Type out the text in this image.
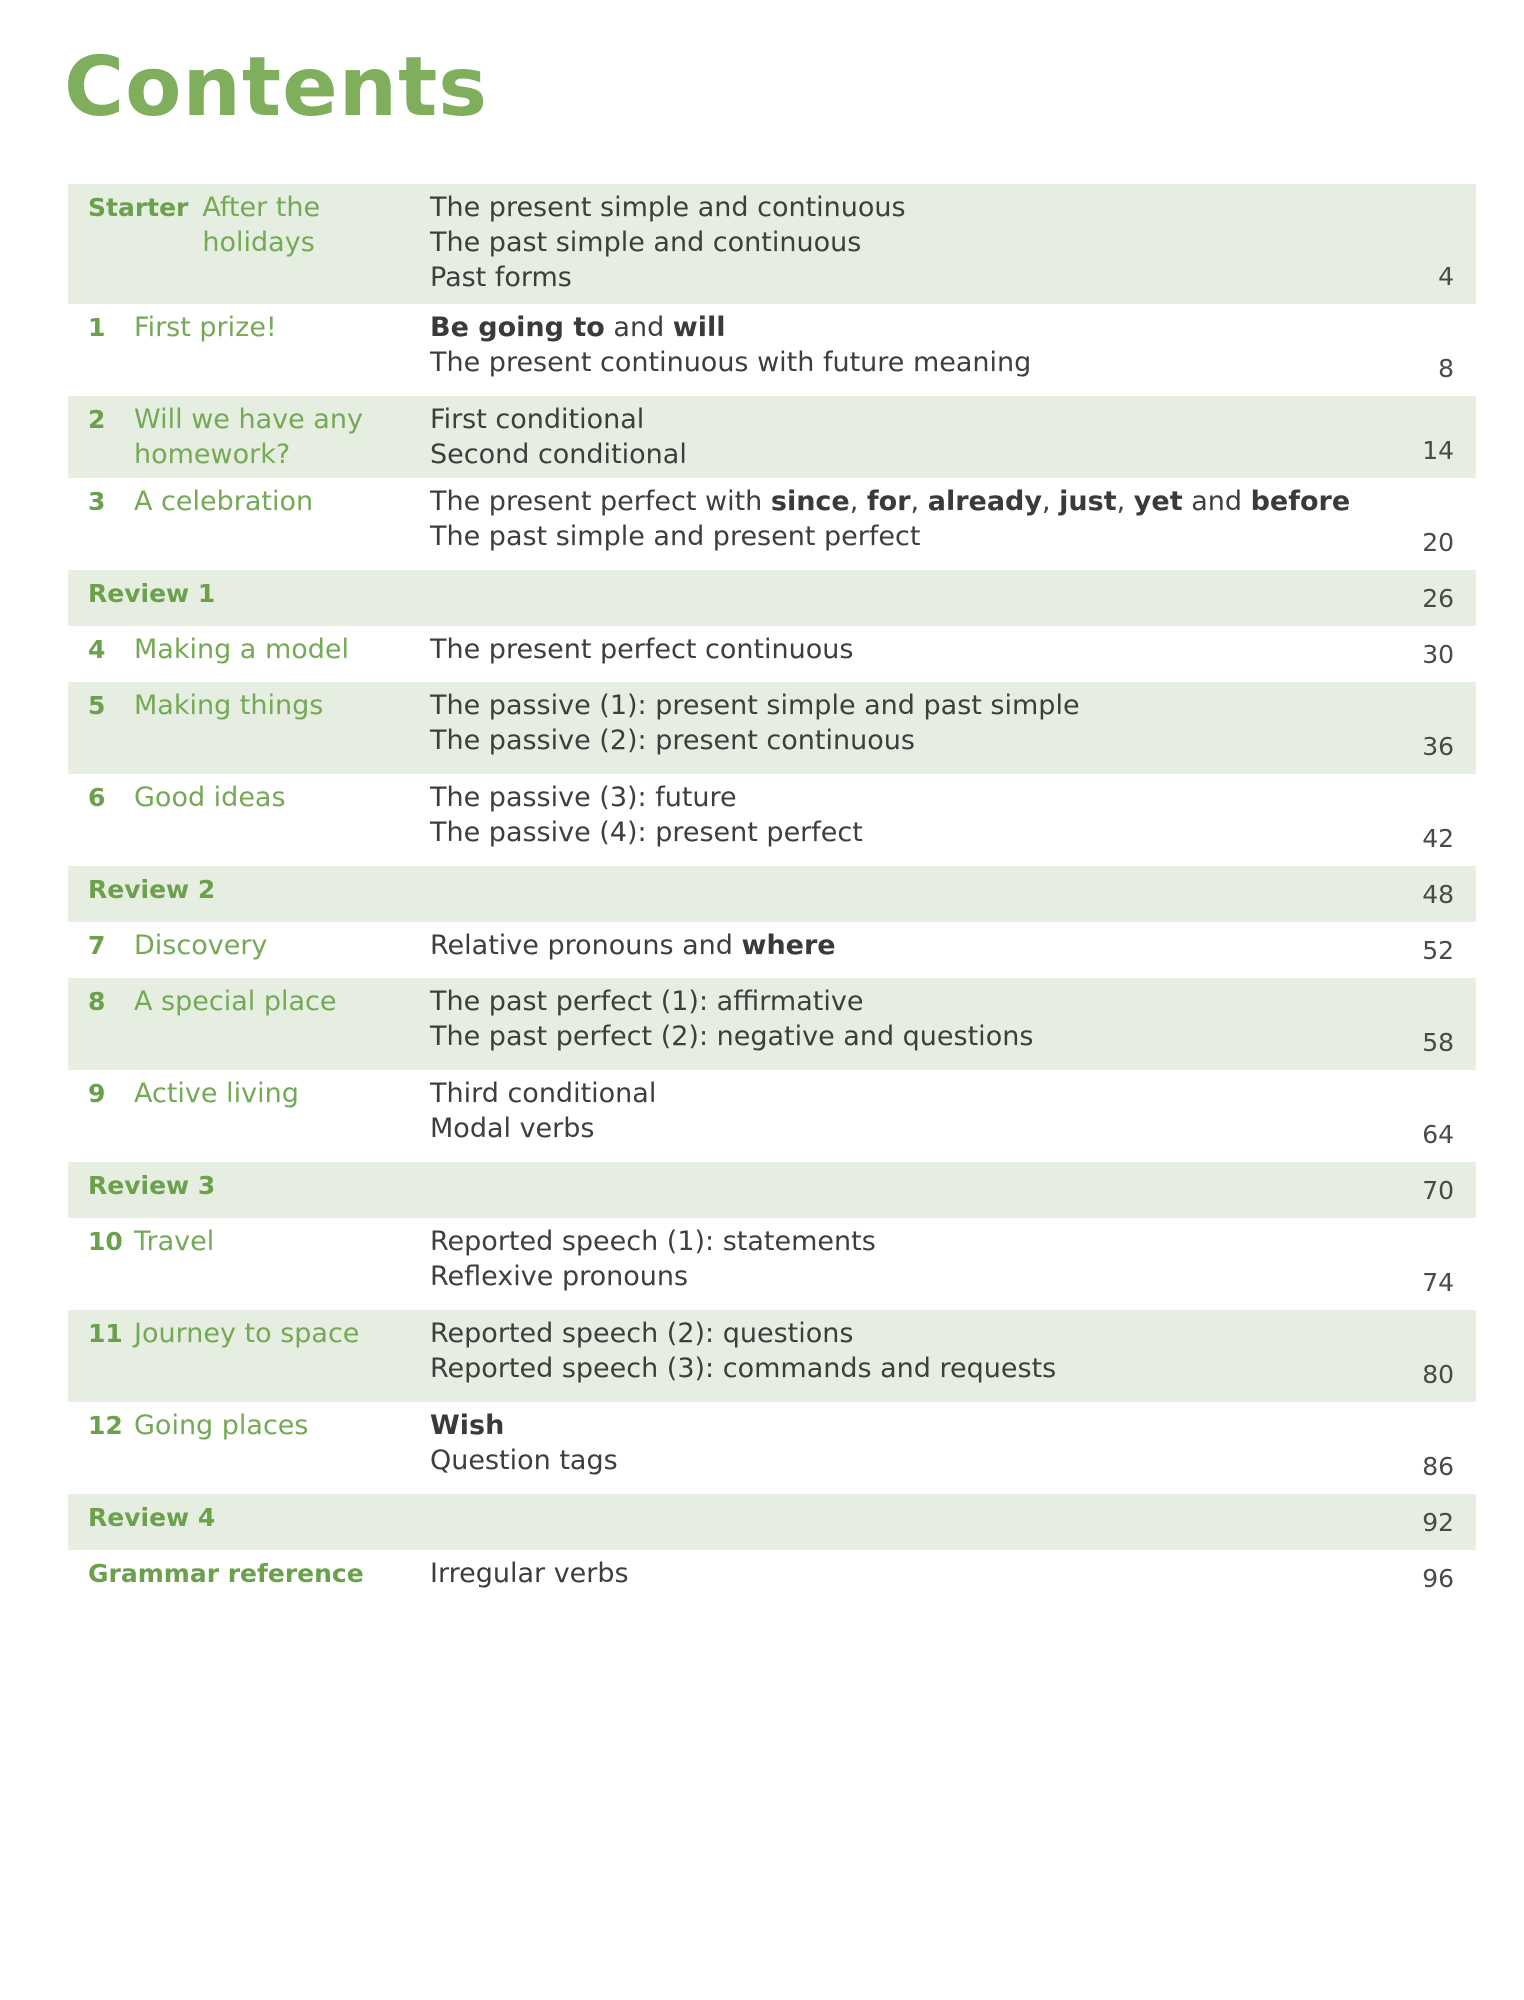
Contents
Starter After the holidays
The present simple and continuous
The past simple and continuous
Past forms	4
1	First prize!	Be going to and will
The present continuous with future meaning	8
2	Will we have any
homework?
First conditional
Second conditional	14
3	A celebration	The present perfect with since, for, already, just, yet and before
The past simple and present perfect	20
Review 1	26
4	Making a model	The present perfect continuous	30
5	Making things	The passive (1): present simple and past simple
The passive (2): present continuous	36
6	Good ideas	The passive (3): future
The passive (4): present perfect	42
Review 2	48
7	Discovery	Relative pronouns and where	52
8	A special place	The past perfect (1): affirmative
The past perfect (2): negative and questions	58
9	Active living	Third conditional
Modal verbs	64
Review 3	70
10 Travel	Reported speech (1): statements
Reflexive pronouns	74
11 Journey to space	Reported speech (2): questions
Reported speech (3): commands and requests	80
12 Going places	Wish
Question tags	86
Review 4	92
Grammar reference Irregular verbs	96
